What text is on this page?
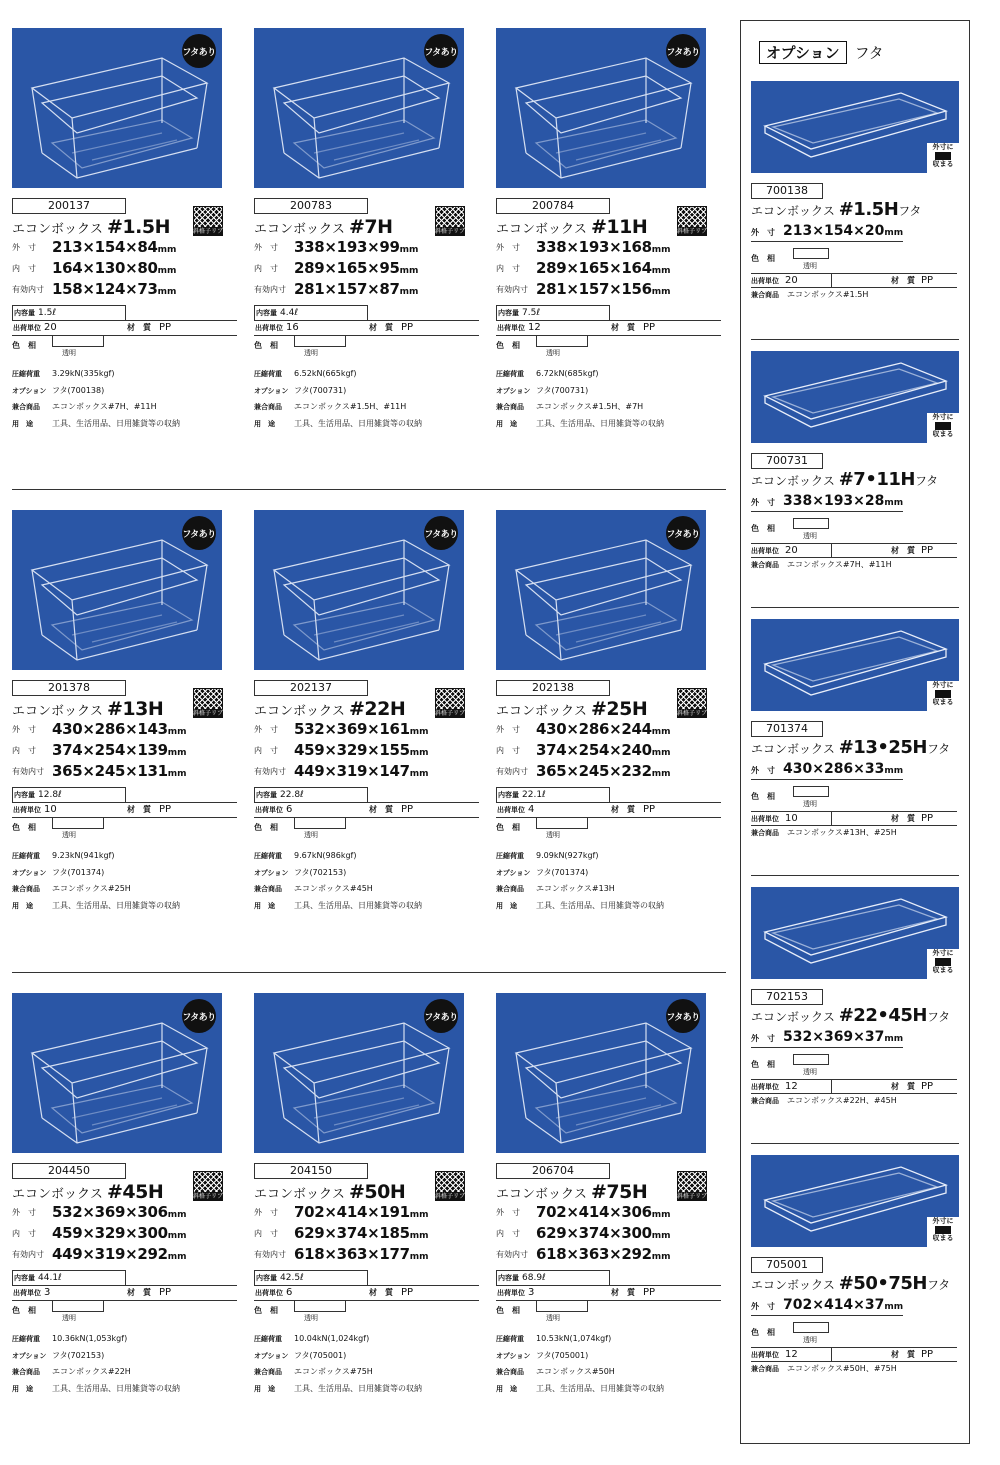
フタあり
200137
斜格子リブ
エコンボックス #1.5H
外　寸 213×154×84mm
内　寸 164×130×80mm
有効内寸 158×124×73mm
内容量 1.5ℓ
出荷単位 20	材　質 PP
色　相
透明
圧縮荷重 3.29kN(335kgf)
オプション フタ(700138)
兼合商品 エコンボックス#7H、#11H
用　途 工具、生活用品、日用雑貨等の収納
フタあり
200783
斜格子リブ
エコンボックス #7H
外　寸 338×193×99mm
内　寸 289×165×95mm
有効内寸 281×157×87mm
内容量 4.4ℓ
出荷単位 16	材　質 PP
色　相
透明
圧縮荷重 6.52kN(665kgf)
オプション フタ(700731)
兼合商品 エコンボックス#1.5H、#11H
用　途 工具、生活用品、日用雑貨等の収納
フタあり
200784
斜格子リブ
エコンボックス #11H
外　寸 338×193×168mm
内　寸 289×165×164mm
有効内寸 281×157×156mm
内容量 7.5ℓ
出荷単位 12	材　質 PP
色　相
透明
圧縮荷重 6.72kN(685kgf)
オプション フタ(700731)
兼合商品 エコンボックス#1.5H、#7H
用　途 工具、生活用品、日用雑貨等の収納
フタあり
201378
斜格子リブ
エコンボックス #13H
外　寸 430×286×143mm
内　寸 374×254×139mm
有効内寸 365×245×131mm
内容量 12.8ℓ
出荷単位 10	材　質 PP
色　相
透明
圧縮荷重 9.23kN(941kgf)
オプション フタ(701374)
兼合商品 エコンボックス#25H
用　途 工具、生活用品、日用雑貨等の収納
フタあり
202137
斜格子リブ
エコンボックス #22H
外　寸 532×369×161mm
内　寸 459×329×155mm
有効内寸 449×319×147mm
内容量 22.8ℓ
出荷単位 6	材　質 PP
色　相
透明
圧縮荷重 9.67kN(986kgf)
オプション フタ(702153)
兼合商品 エコンボックス#45H
用　途 工具、生活用品、日用雑貨等の収納
フタあり
202138
斜格子リブ
エコンボックス #25H
外　寸 430×286×244mm
内　寸 374×254×240mm
有効内寸 365×245×232mm
内容量 22.1ℓ
出荷単位 4	材　質 PP
色　相
透明
圧縮荷重 9.09kN(927kgf)
オプション フタ(701374)
兼合商品 エコンボックス#13H
用　途 工具、生活用品、日用雑貨等の収納
フタあり
204450
斜格子リブ
エコンボックス #45H
外　寸 532×369×306mm
内　寸 459×329×300mm
有効内寸 449×319×292mm
内容量 44.1ℓ
出荷単位 3	材　質 PP
色　相
透明
圧縮荷重 10.36kN(1,053kgf)
オプション フタ(702153)
兼合商品 エコンボックス#22H
用　途 工具、生活用品、日用雑貨等の収納
フタあり
204150
斜格子リブ
エコンボックス #50H
外　寸 702×414×191mm
内　寸 629×374×185mm
有効内寸 618×363×177mm
内容量 42.5ℓ
出荷単位 6	材　質 PP
色　相
透明
圧縮荷重 10.04kN(1,024kgf)
オプション フタ(705001)
兼合商品 エコンボックス#75H
用　途 工具、生活用品、日用雑貨等の収納
フタあり
206704
斜格子リブ
エコンボックス #75H
外　寸 702×414×306mm
内　寸 629×374×300mm
有効内寸 618×363×292mm
内容量 68.9ℓ
出荷単位 3	材　質 PP
色　相
透明
圧縮荷重 10.53kN(1,074kgf)
オプション フタ(705001)
兼合商品 エコンボックス#50H
用　途 工具、生活用品、日用雑貨等の収納
オプション フタ
外寸に
収まる
700138
エコンボックス #1.5Hフタ
外　寸 213×154×20mm
色　相
透明
出荷単位 20	材　質 PP
兼合商品 エコンボックス#1.5H
外寸に
収まる
700731
エコンボックス #7•11Hフタ
外　寸 338×193×28mm
色　相
透明
出荷単位 20	材　質 PP
兼合商品 エコンボックス#7H、#11H
外寸に
収まる
701374
エコンボックス #13•25Hフタ
外　寸 430×286×33mm
色　相
透明
出荷単位 10	材　質 PP
兼合商品 エコンボックス#13H、#25H
外寸に
収まる
702153
エコンボックス #22•45Hフタ
外　寸 532×369×37mm
色　相
透明
出荷単位 12	材　質 PP
兼合商品 エコンボックス#22H、#45H
外寸に
収まる
705001
エコンボックス #50•75Hフタ
外　寸 702×414×37mm
色　相
透明
出荷単位 12	材　質 PP
兼合商品 エコンボックス#50H、#75H
